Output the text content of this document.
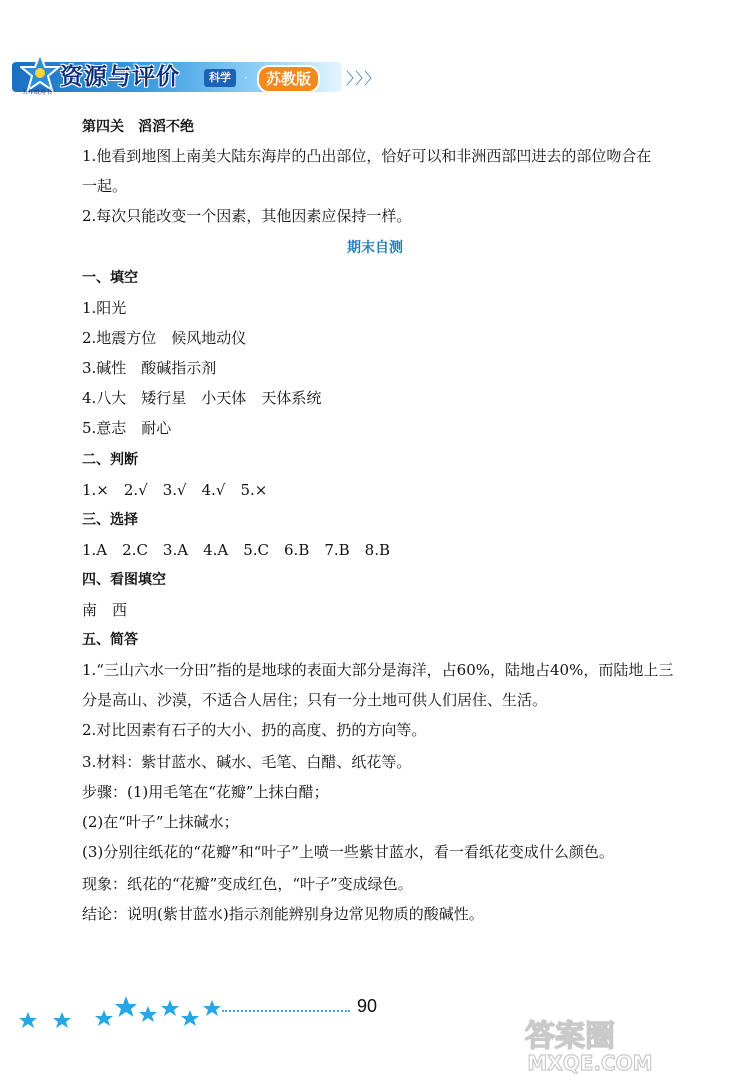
五年级用书
资源与评价	科学	·	苏教版	〉〉〉
第四关　滔滔不绝
1.他看到地图上南美大陆东海岸的凸出部位，恰好可以和非洲西部凹进去的部位吻合在
一起。
2.每次只能改变一个因素，其他因素应保持一样。
期末自测
一、填空
1.阳光
2.地震方位　候风地动仪
3.碱性　酸碱指示剂
4.八大　矮行星　小天体　天体系统
5.意志　耐心
二、判断
1.×　2.√　3.√　4.√　5.×
三、选择
1.A　2.C　3.A　4.A　5.C　6.B　7.B　8.B
四、看图填空
南　西
五、简答
1.“三山六水一分田”指的是地球的表面大部分是海洋，占60%，陆地占40%，而陆地上三
分是高山、沙漠，不适合人居住；只有一分土地可供人们居住、生活。
2.对比因素有石子的大小、扔的高度、扔的方向等。
3.材料：紫甘蓝水、碱水、毛笔、白醋、纸花等。
步骤：(1)用毛笔在“花瓣”上抹白醋；
(2)在“叶子”上抹碱水；
(3)分别往纸花的“花瓣”和“叶子”上喷一些紫甘蓝水，看一看纸花变成什么颜色。
现象：纸花的“花瓣”变成红色，“叶子”变成绿色。
结论：说明(紫甘蓝水)指示剂能辨别身边常见物质的酸碱性。
90
答案圈
MXQE.COM
